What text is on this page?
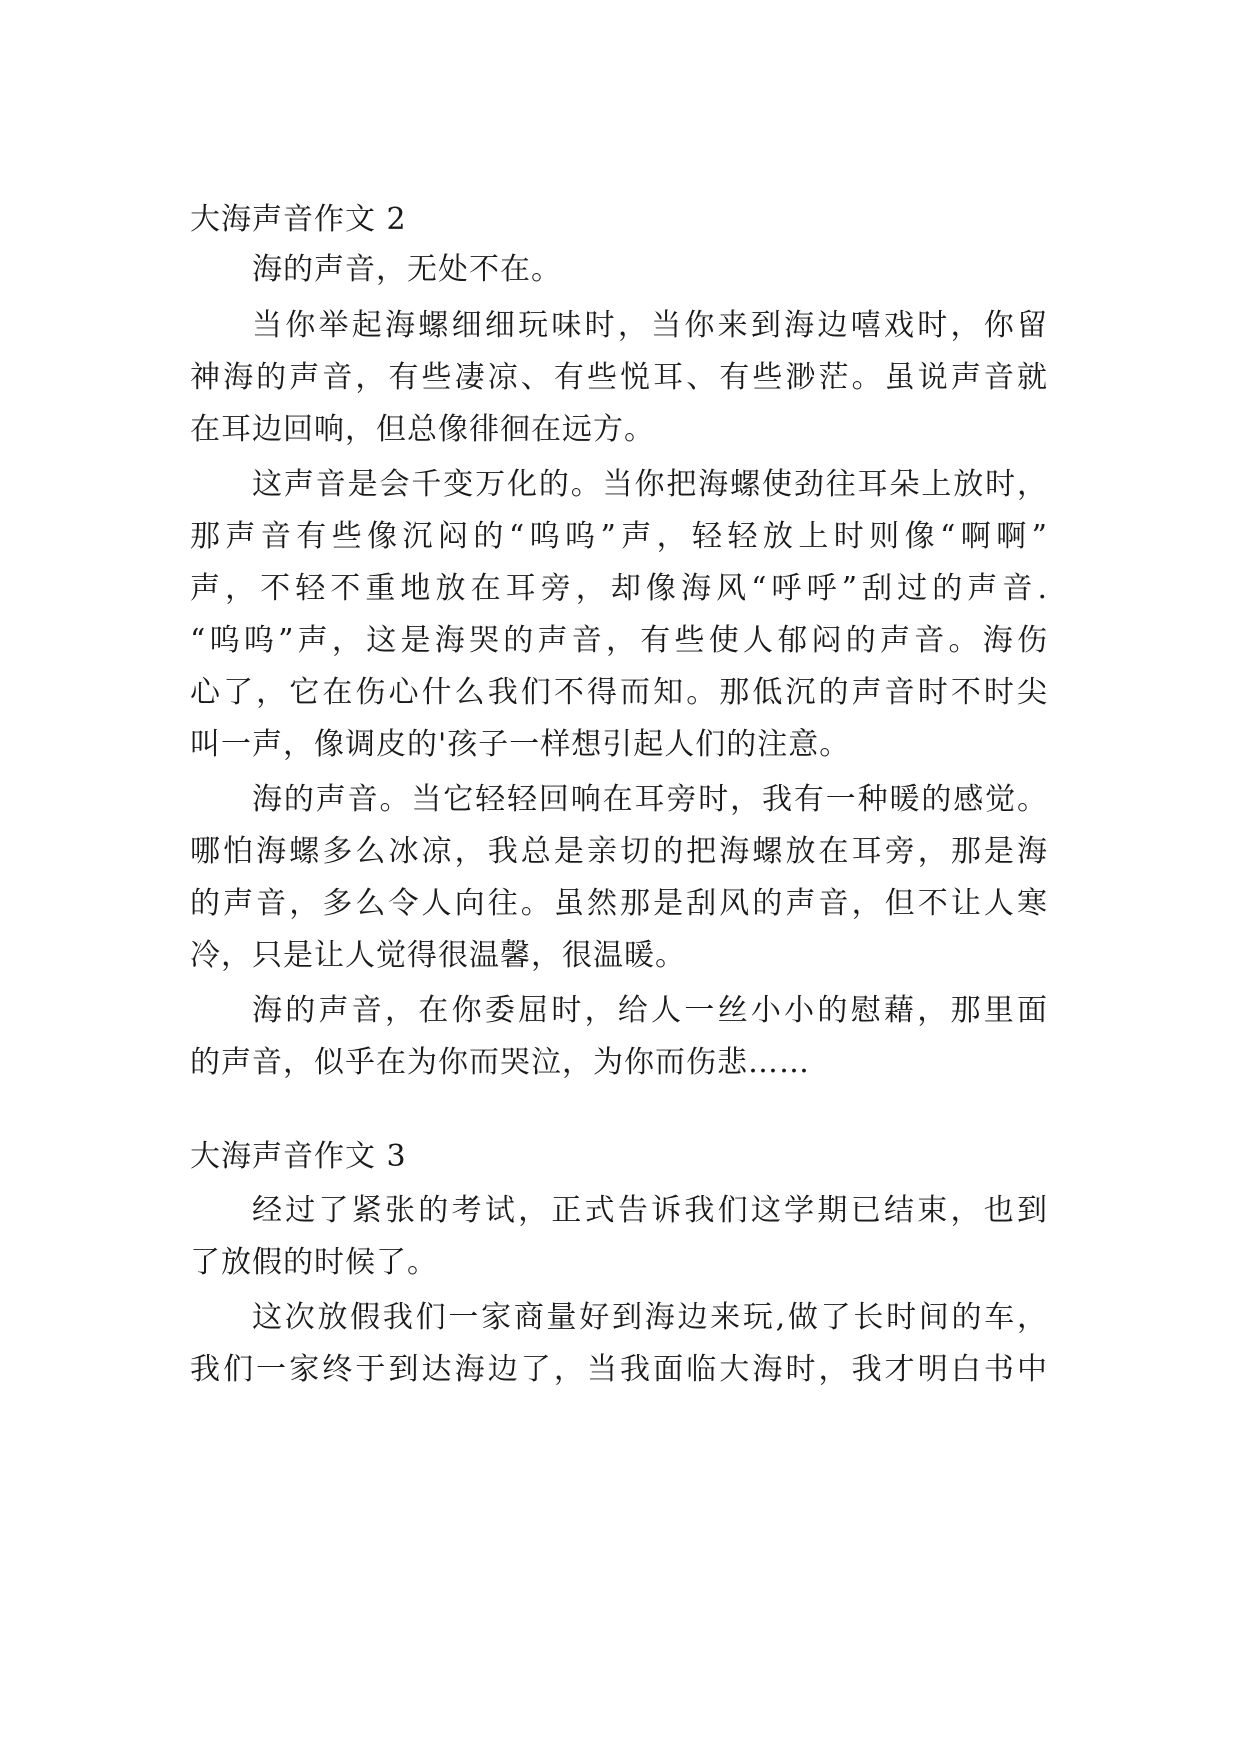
大海声音作文 2
海的声音，无处不在。
当你举起海螺细细玩味时，当你来到海边嘻戏时，你留
神海的声音，有些凄凉、有些悦耳、有些渺茫。虽说声音就
在耳边回响，但总像徘徊在远方。
这声音是会千变万化的。当你把海螺使劲往耳朵上放时，
那声音有些像沉闷的“呜呜”声，轻轻放上时则像“啊啊”
声，不轻不重地放在耳旁，却像海风“呼呼”刮过的声音.
“呜呜”声，这是海哭的声音，有些使人郁闷的声音。海伤
心了，它在伤心什么我们不得而知。那低沉的声音时不时尖
叫一声，像调皮的'孩子一样想引起人们的注意。
海的声音。当它轻轻回响在耳旁时，我有一种暖的感觉。
哪怕海螺多么冰凉，我总是亲切的把海螺放在耳旁，那是海
的声音，多么令人向往。虽然那是刮风的声音，但不让人寒
冷，只是让人觉得很温馨，很温暖。
海的声音，在你委屈时，给人一丝小小的慰藉，那里面
的声音，似乎在为你而哭泣，为你而伤悲……
大海声音作文 3
经过了紧张的考试，正式告诉我们这学期已结束，也到
了放假的时候了。
这次放假我们一家商量好到海边来玩,做了长时间的车，
我们一家终于到达海边了，当我面临大海时，我才明白书中
